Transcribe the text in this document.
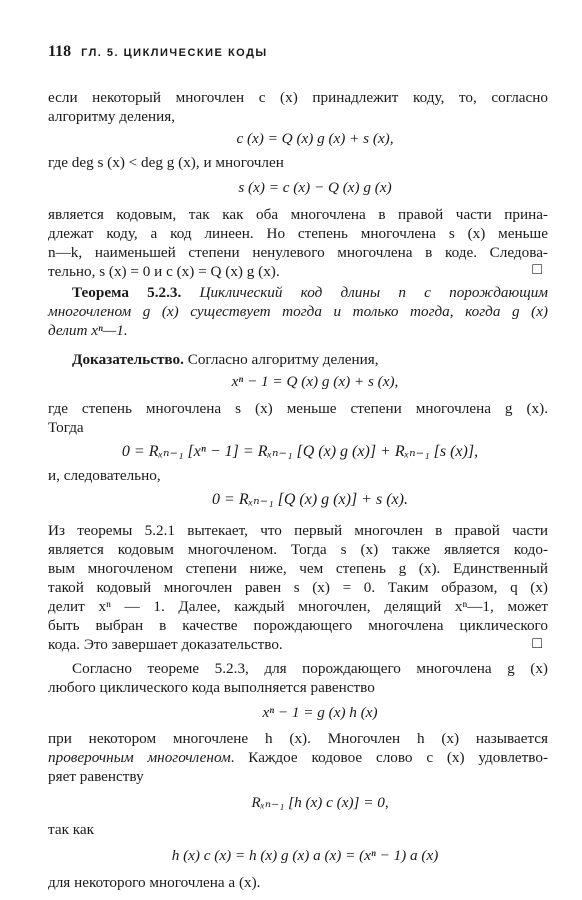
118 ГЛ. 5. ЦИКЛИЧЕСКИЕ КОДЫ
если некоторый многочлен c (x) принадлежит коду, то, согласно
алгоритму деления,
c (x) = Q (x) g (x) + s (x),
где deg s (x) < deg g (x), и многочлен
s (x) = c (x) − Q (x) g (x)
является кодовым, так как оба многочлена в правой части прина-
длежат коду, а код линеен. Но степень многочлена s (x) меньше
n—k, наименьшей степени ненулевого многочлена в коде. Следова-
тельно, s (x) = 0 и c (x) = Q (x) g (x).	□
Теорема 5.2.3. Циклический код длины n с порождающим
многочленом g (x) существует тогда и только тогда, когда g (x)
делит xⁿ—1.
Доказательство. Согласно алгоритму деления,
xⁿ − 1 = Q (x) g (x) + s (x),
где степень многочлена s (x) меньше степени многочлена g (x).
Тогда
0 = Rₓₙ₋₁ [xⁿ − 1] = Rₓₙ₋₁ [Q (x) g (x)] + Rₓₙ₋₁ [s (x)],
и, следовательно,
0 = Rₓₙ₋₁ [Q (x) g (x)] + s (x).
Из теоремы 5.2.1 вытекает, что первый многочлен в правой части
является кодовым многочленом. Тогда s (x) также является кодо-
вым многочленом степени ниже, чем степень g (x). Единственный
такой кодовый многочлен равен s (x) = 0. Таким образом, q (x)
делит xⁿ — 1. Далее, каждый многочлен, делящий xⁿ—1, может
быть выбран в качестве порождающего многочлена циклического
кода. Это завершает доказательство.	□
Согласно теореме 5.2.3, для порождающего многочлена g (x)
любого циклического кода выполняется равенство
xⁿ − 1 = g (x) h (x)
при некотором многочлене h (x). Многочлен h (x) называется
проверочным многочленом. Каждое кодовое слово c (x) удовлетво-
ряет равенству
Rₓₙ₋₁ [h (x) c (x)] = 0,
так как
h (x) c (x) = h (x) g (x) a (x) = (xⁿ − 1) a (x)
для некоторого многочлена a (x).
